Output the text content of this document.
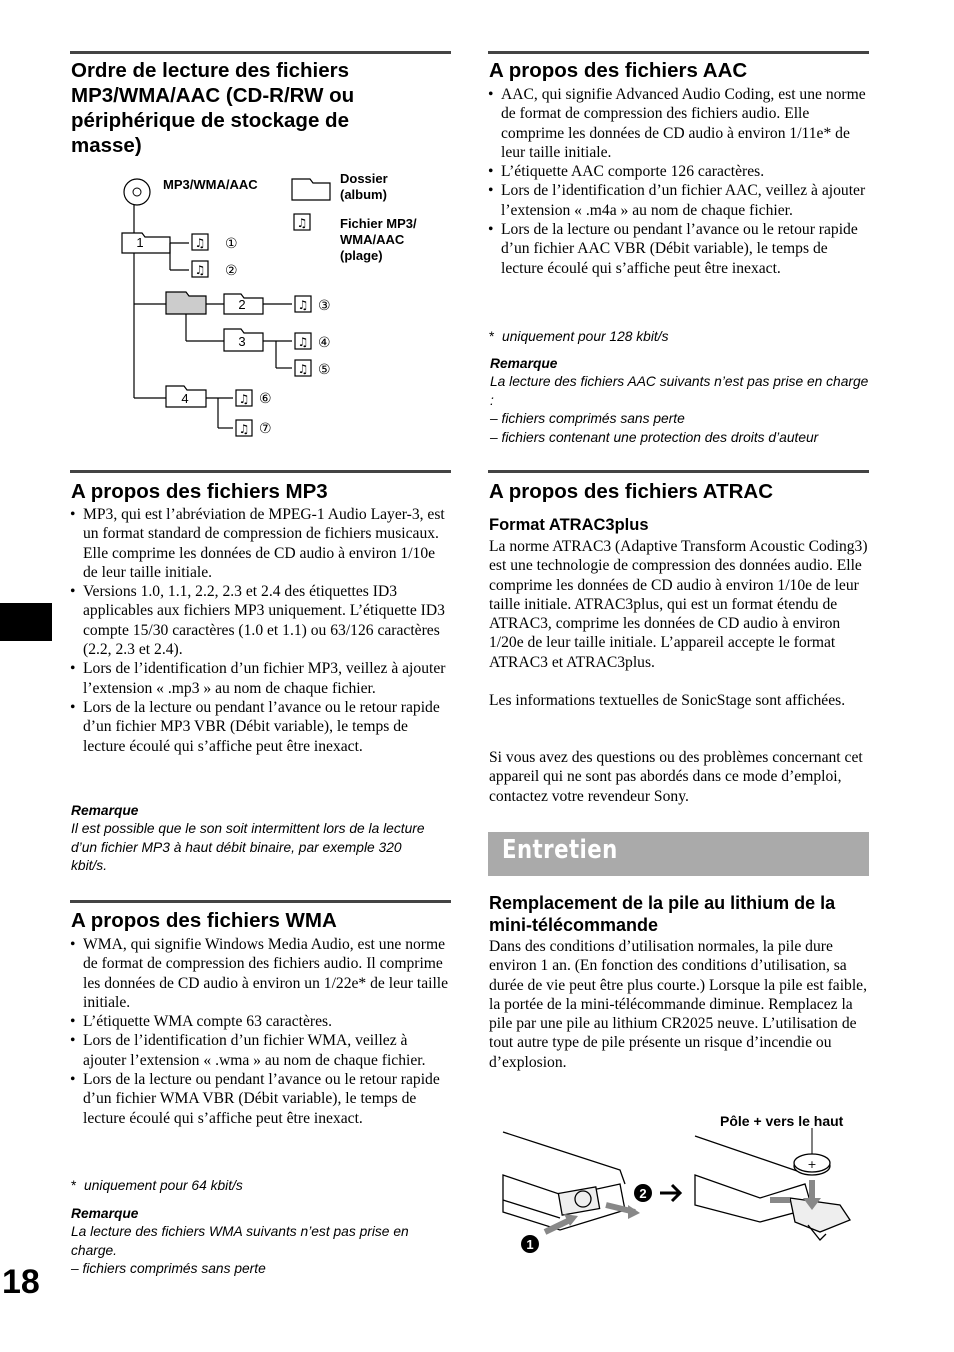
Ordre de lecture des fichiers MP3/WMA/AAC (CD-R/RW ou périphérique de stockage de masse)
♫
1	①
②
2	③
3	④
⑤
4	⑥
⑦
MP3/WMA/AAC	Dossier (album)
Fichier MP3/ WMA/AAC (plage)
A propos des fichiers MP3
• MP3, qui est l’abréviation de MPEG-1 Audio Layer-3, est un format standard de compression de fichiers musicaux. Elle comprime les données de CD audio à environ 1/10e de leur taille initiale.
• Versions 1.0, 1.1, 2.2, 2.3 et 2.4 des étiquettes ID3 applicables aux fichiers MP3 uniquement. L’étiquette ID3 compte 15/30 caractères (1.0 et 1.1) ou 63/126 caractères (2.2, 2.3 et 2.4).
• Lors de l’identification d’un fichier MP3, veillez à ajouter l’extension « .mp3 » au nom de chaque fichier.
• Lors de la lecture ou pendant l’avance ou le retour rapide d’un fichier MP3 VBR (Débit variable), le temps de lecture écoulé qui s’affiche peut être inexact.
Remarque
Il est possible que le son soit intermittent lors de la lecture d’un fichier MP3 à haut débit binaire, par exemple 320 kbit/s.
A propos des fichiers WMA
• WMA, qui signifie Windows Media Audio, est une norme de format de compression des fichiers audio. Il comprime les données de CD audio à environ un 1/22e* de leur taille initiale.
• L’étiquette WMA compte 63 caractères.
• Lors de l’identification d’un fichier WMA, veillez à ajouter l’extension « .wma » au nom de chaque fichier.
• Lors de la lecture ou pendant l’avance ou le retour rapide d’un fichier WMA VBR (Débit variable), le temps de lecture écoulé qui s’affiche peut être inexact.
* uniquement pour 64 kbit/s
Remarque
La lecture des fichiers WMA suivants n’est pas prise en charge.
– fichiers comprimés sans perte
18
A propos des fichiers AAC
• AAC, qui signifie Advanced Audio Coding, est une norme de format de compression des fichiers audio. Elle comprime les données de CD audio à environ 1/11e* de leur taille initiale.
• L’étiquette AAC comporte 126 caractères.
• Lors de l’identification d’un fichier AAC, veillez à ajouter l’extension « .m4a » au nom de chaque fichier.
• Lors de la lecture ou pendant l’avance ou le retour rapide d’un fichier AAC VBR (Débit variable), le temps de lecture écoulé qui s’affiche peut être inexact.
* uniquement pour 128 kbit/s
Remarque
La lecture des fichiers AAC suivants n’est pas prise en charge :
– fichiers comprimés sans perte
– fichiers contenant une protection des droits d’auteur
A propos des fichiers ATRAC
Format ATRAC3plus

La norme ATRAC3 (Adaptive Transform Acoustic Coding3) est une technologie de compression des données audio. Elle comprime les données de CD audio à environ 1/10e de leur taille initiale. ATRAC3plus, qui est un format étendu de ATRAC3, comprime les données de CD audio à environ 1/20e de leur taille initiale. L’appareil accepte le format ATRAC3 et ATRAC3plus.

Les informations textuelles de SonicStage sont affichées.

Si vous avez des questions ou des problèmes concernant cet appareil qui ne sont pas abordés dans ce mode d’emploi, contactez votre revendeur Sony.

Entretien
Remplacement de la pile au lithium de la mini-télécommande

Dans des conditions d’utilisation normales, la pile dure environ 1 an. (En fonction des conditions d’utilisation, sa durée de vie peut être plus courte.) Lorsque la pile est faible, la portée de la mini-télécommande diminue. Remplacez la pile par une pile au lithium CR2025 neuve. L’utilisation de tout autre type de pile présente un risque d’incendie ou d’explosion.

Pôle + vers le haut
1
2
+
